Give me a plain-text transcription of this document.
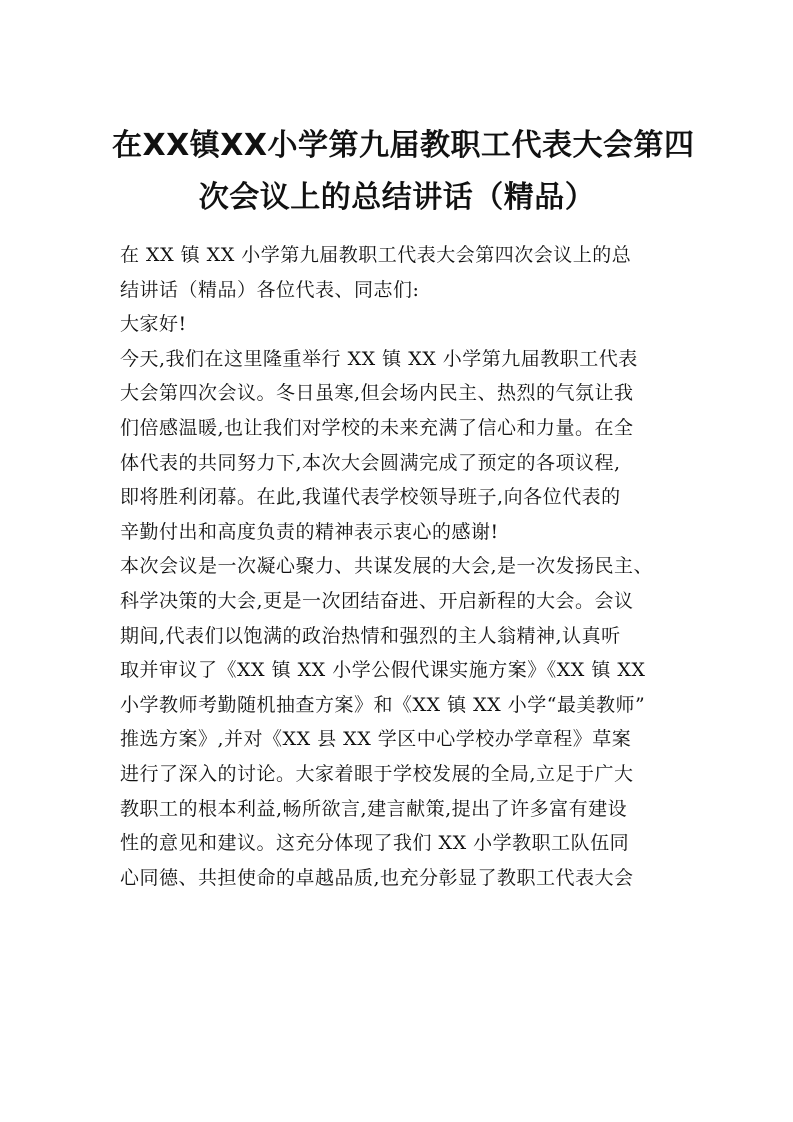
在XX镇XX小学第九届教职工代表大会第四
次会议上的总结讲话（精品）
在 XX 镇 XX 小学第九届教职工代表大会第四次会议上的总
结讲话（精品）各位代表、同志们:
大家好!
今天,我们在这里隆重举行 XX 镇 XX 小学第九届教职工代表
大会第四次会议。冬日虽寒,但会场内民主、热烈的气氛让我
们倍感温暖,也让我们对学校的未来充满了信心和力量。在全
体代表的共同努力下,本次大会圆满完成了预定的各项议程,
即将胜利闭幕。在此,我谨代表学校领导班子,向各位代表的
辛勤付出和高度负责的精神表示衷心的感谢!
本次会议是一次凝心聚力、共谋发展的大会,是一次发扬民主、
科学决策的大会,更是一次团结奋进、开启新程的大会。会议
期间,代表们以饱满的政治热情和强烈的主人翁精神,认真听
取并审议了《XX 镇 XX 小学公假代课实施方案》《XX 镇 XX
小学教师考勤随机抽查方案》和《XX 镇 XX 小学“最美教师”
推选方案》,并对《XX 县 XX 学区中心学校办学章程》草案
进行了深入的讨论。大家着眼于学校发展的全局,立足于广大
教职工的根本利益,畅所欲言,建言献策,提出了许多富有建设
性的意见和建议。这充分体现了我们 XX 小学教职工队伍同
心同德、共担使命的卓越品质,也充分彰显了教职工代表大会
